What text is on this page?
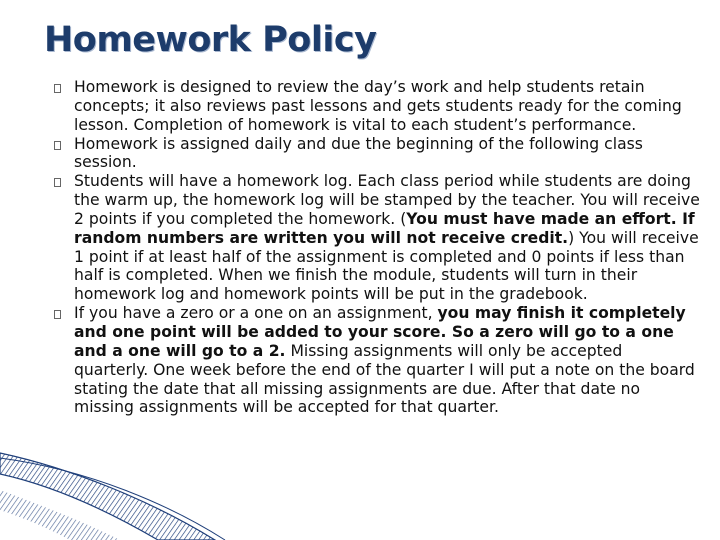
Homework Policy
Homework is designed to review the day’s work and help students retain concepts; it also reviews past lessons and gets students ready for the coming lesson. Completion of homework is vital to each student’s performance.
Homework is assigned daily and due the beginning of the following class session.
Students will have a homework log. Each class period while students are doing the warm up, the homework log will be stamped by the teacher. You will receive 2 points if you completed the homework. (You must have made an effort. If random numbers are written you will not receive credit.) You will receive 1 point if at least half of the assignment is completed and 0 points if less than half is completed. When we finish the module, students will turn in their homework log and homework points will be put in the gradebook.
If you have a zero or a one on an assignment, you may finish it completely and one point will be added to your score. So a zero will go to a one and a one will go to a 2. Missing assignments will only be accepted quarterly. One week before the end of the quarter I will put a note on the board stating the date that all missing assignments are due. After that date no missing assignments will be accepted for that quarter.
